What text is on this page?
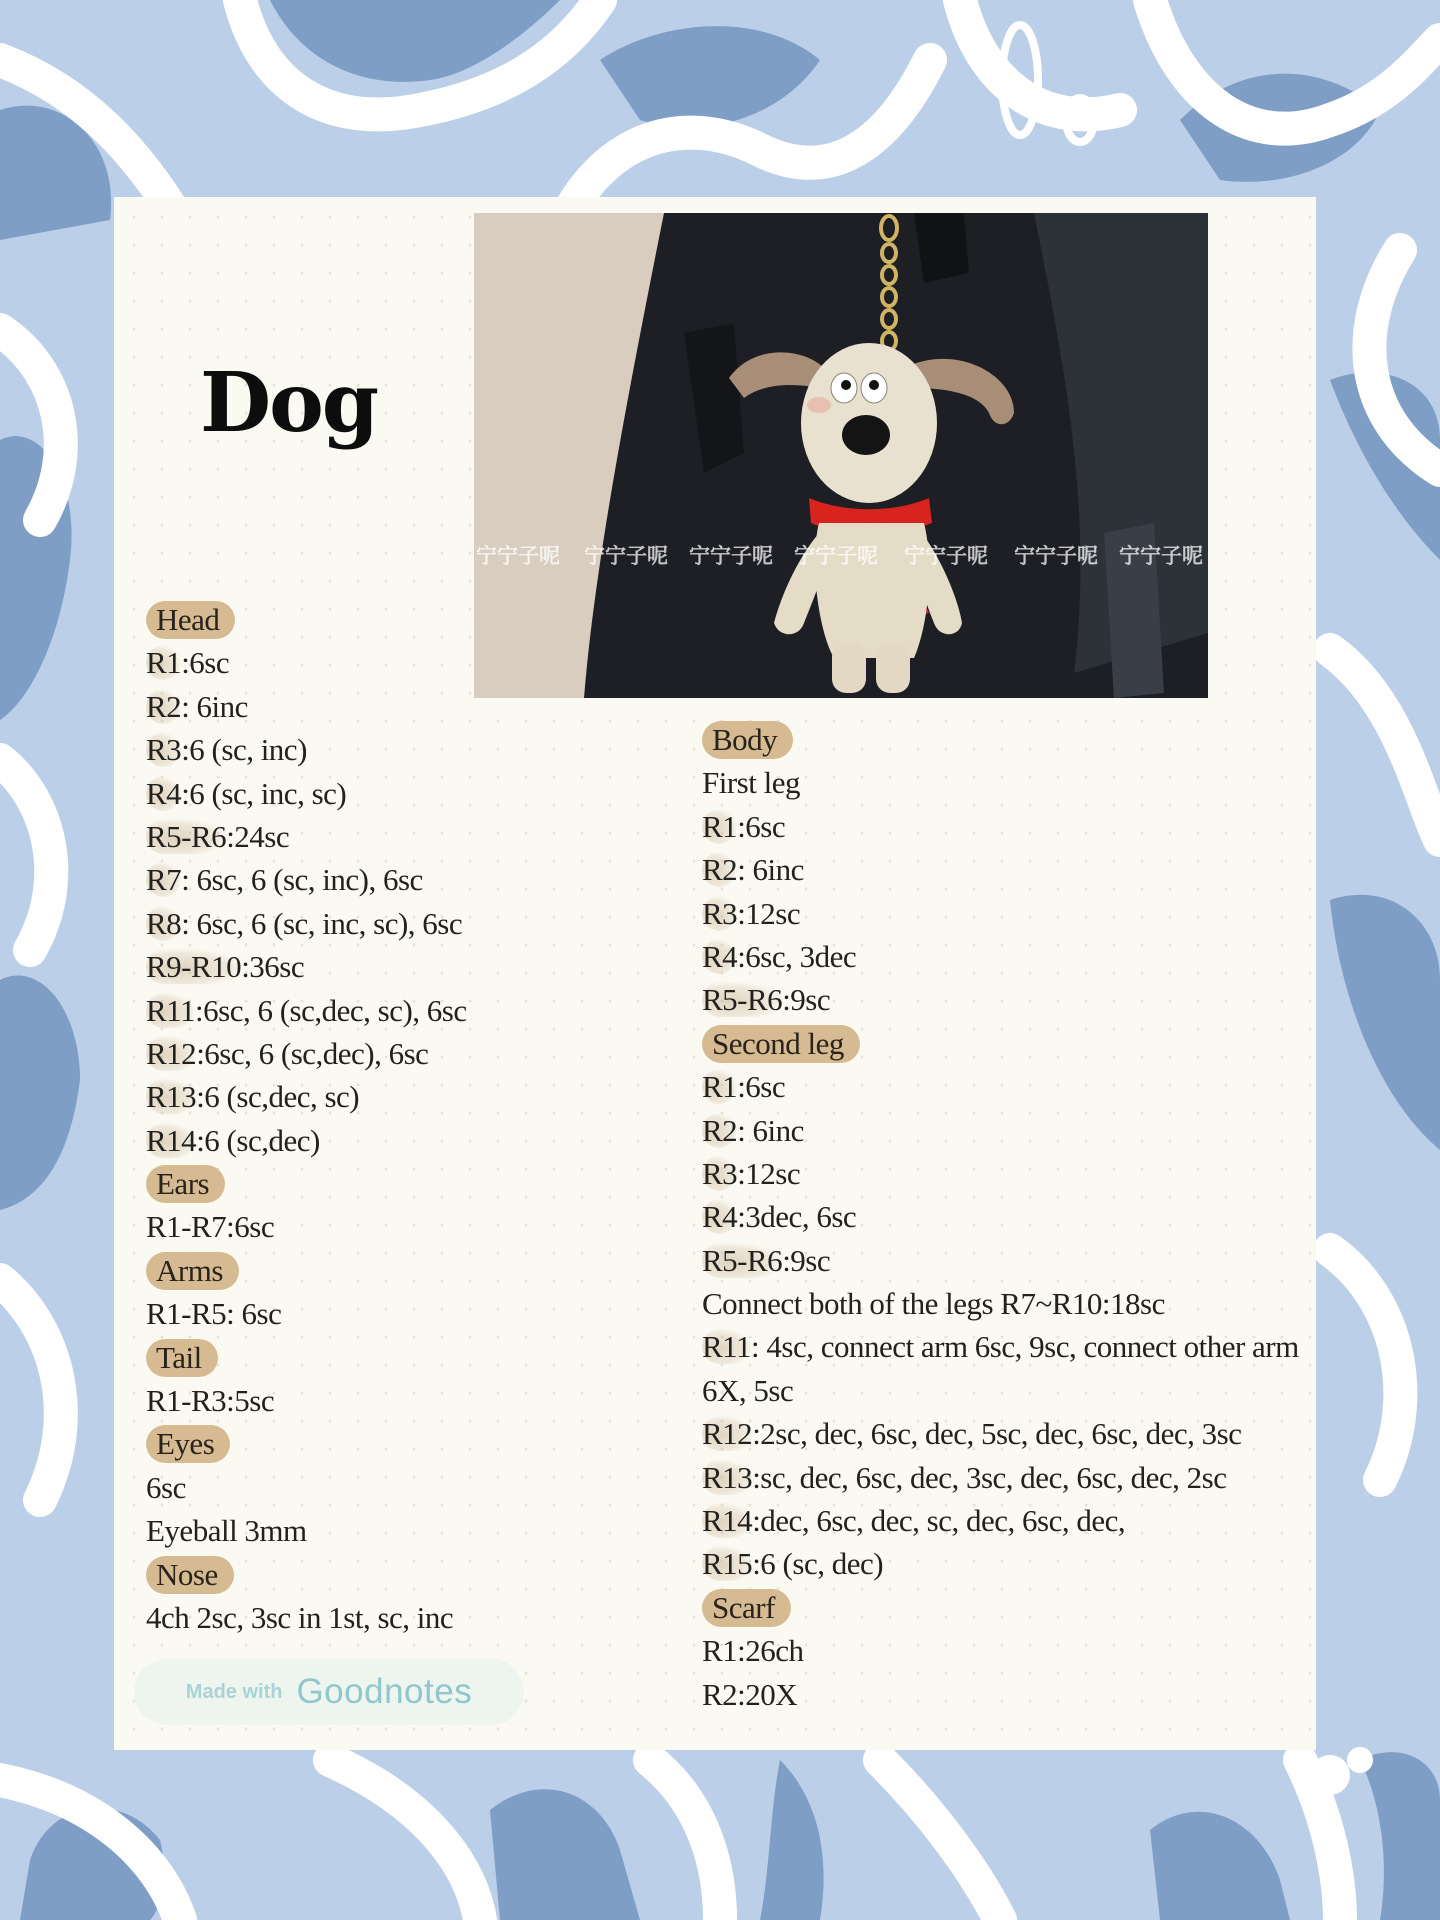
Dog
宁宁子呢 宁宁子呢 宁宁子呢 宁宁子呢 宁宁子呢 宁宁子呢 宁宁子呢
Head
R1:6sc
R2: 6inc
R3:6 (sc, inc)
R4:6 (sc, inc, sc)
R5-R6:24sc
R7: 6sc, 6 (sc, inc), 6sc
R8: 6sc, 6 (sc, inc, sc), 6sc
R9-R10:36sc
R11:6sc, 6 (sc,dec, sc), 6sc
R12:6sc, 6 (sc,dec), 6sc
R13:6 (sc,dec, sc)
R14:6 (sc,dec)
Ears
R1-R7:6sc
Arms
R1-R5: 6sc
Tail
R1-R3:5sc
Eyes
6sc
Eyeball 3mm
Nose
4ch 2sc, 3sc in 1st, sc, inc
Body
First leg
R1:6sc
R2: 6inc
R3:12sc
R4:6sc, 3dec
R5-R6:9sc
Second leg
R1:6sc
R2: 6inc
R3:12sc
R4:3dec, 6sc
R5-R6:9sc
Connect both of the legs R7~R10:18sc
R11: 4sc, connect arm 6sc, 9sc, connect other arm 6X, 5sc
R12:2sc, dec, 6sc, dec, 5sc, dec, 6sc, dec, 3sc
R13:sc, dec, 6sc, dec, 3sc, dec, 6sc, dec, 2sc
R14:dec, 6sc, dec, sc, dec, 6sc, dec,
R15:6 (sc, dec)
Scarf
R1:26ch
R2:20X
Made with Goodnotes
